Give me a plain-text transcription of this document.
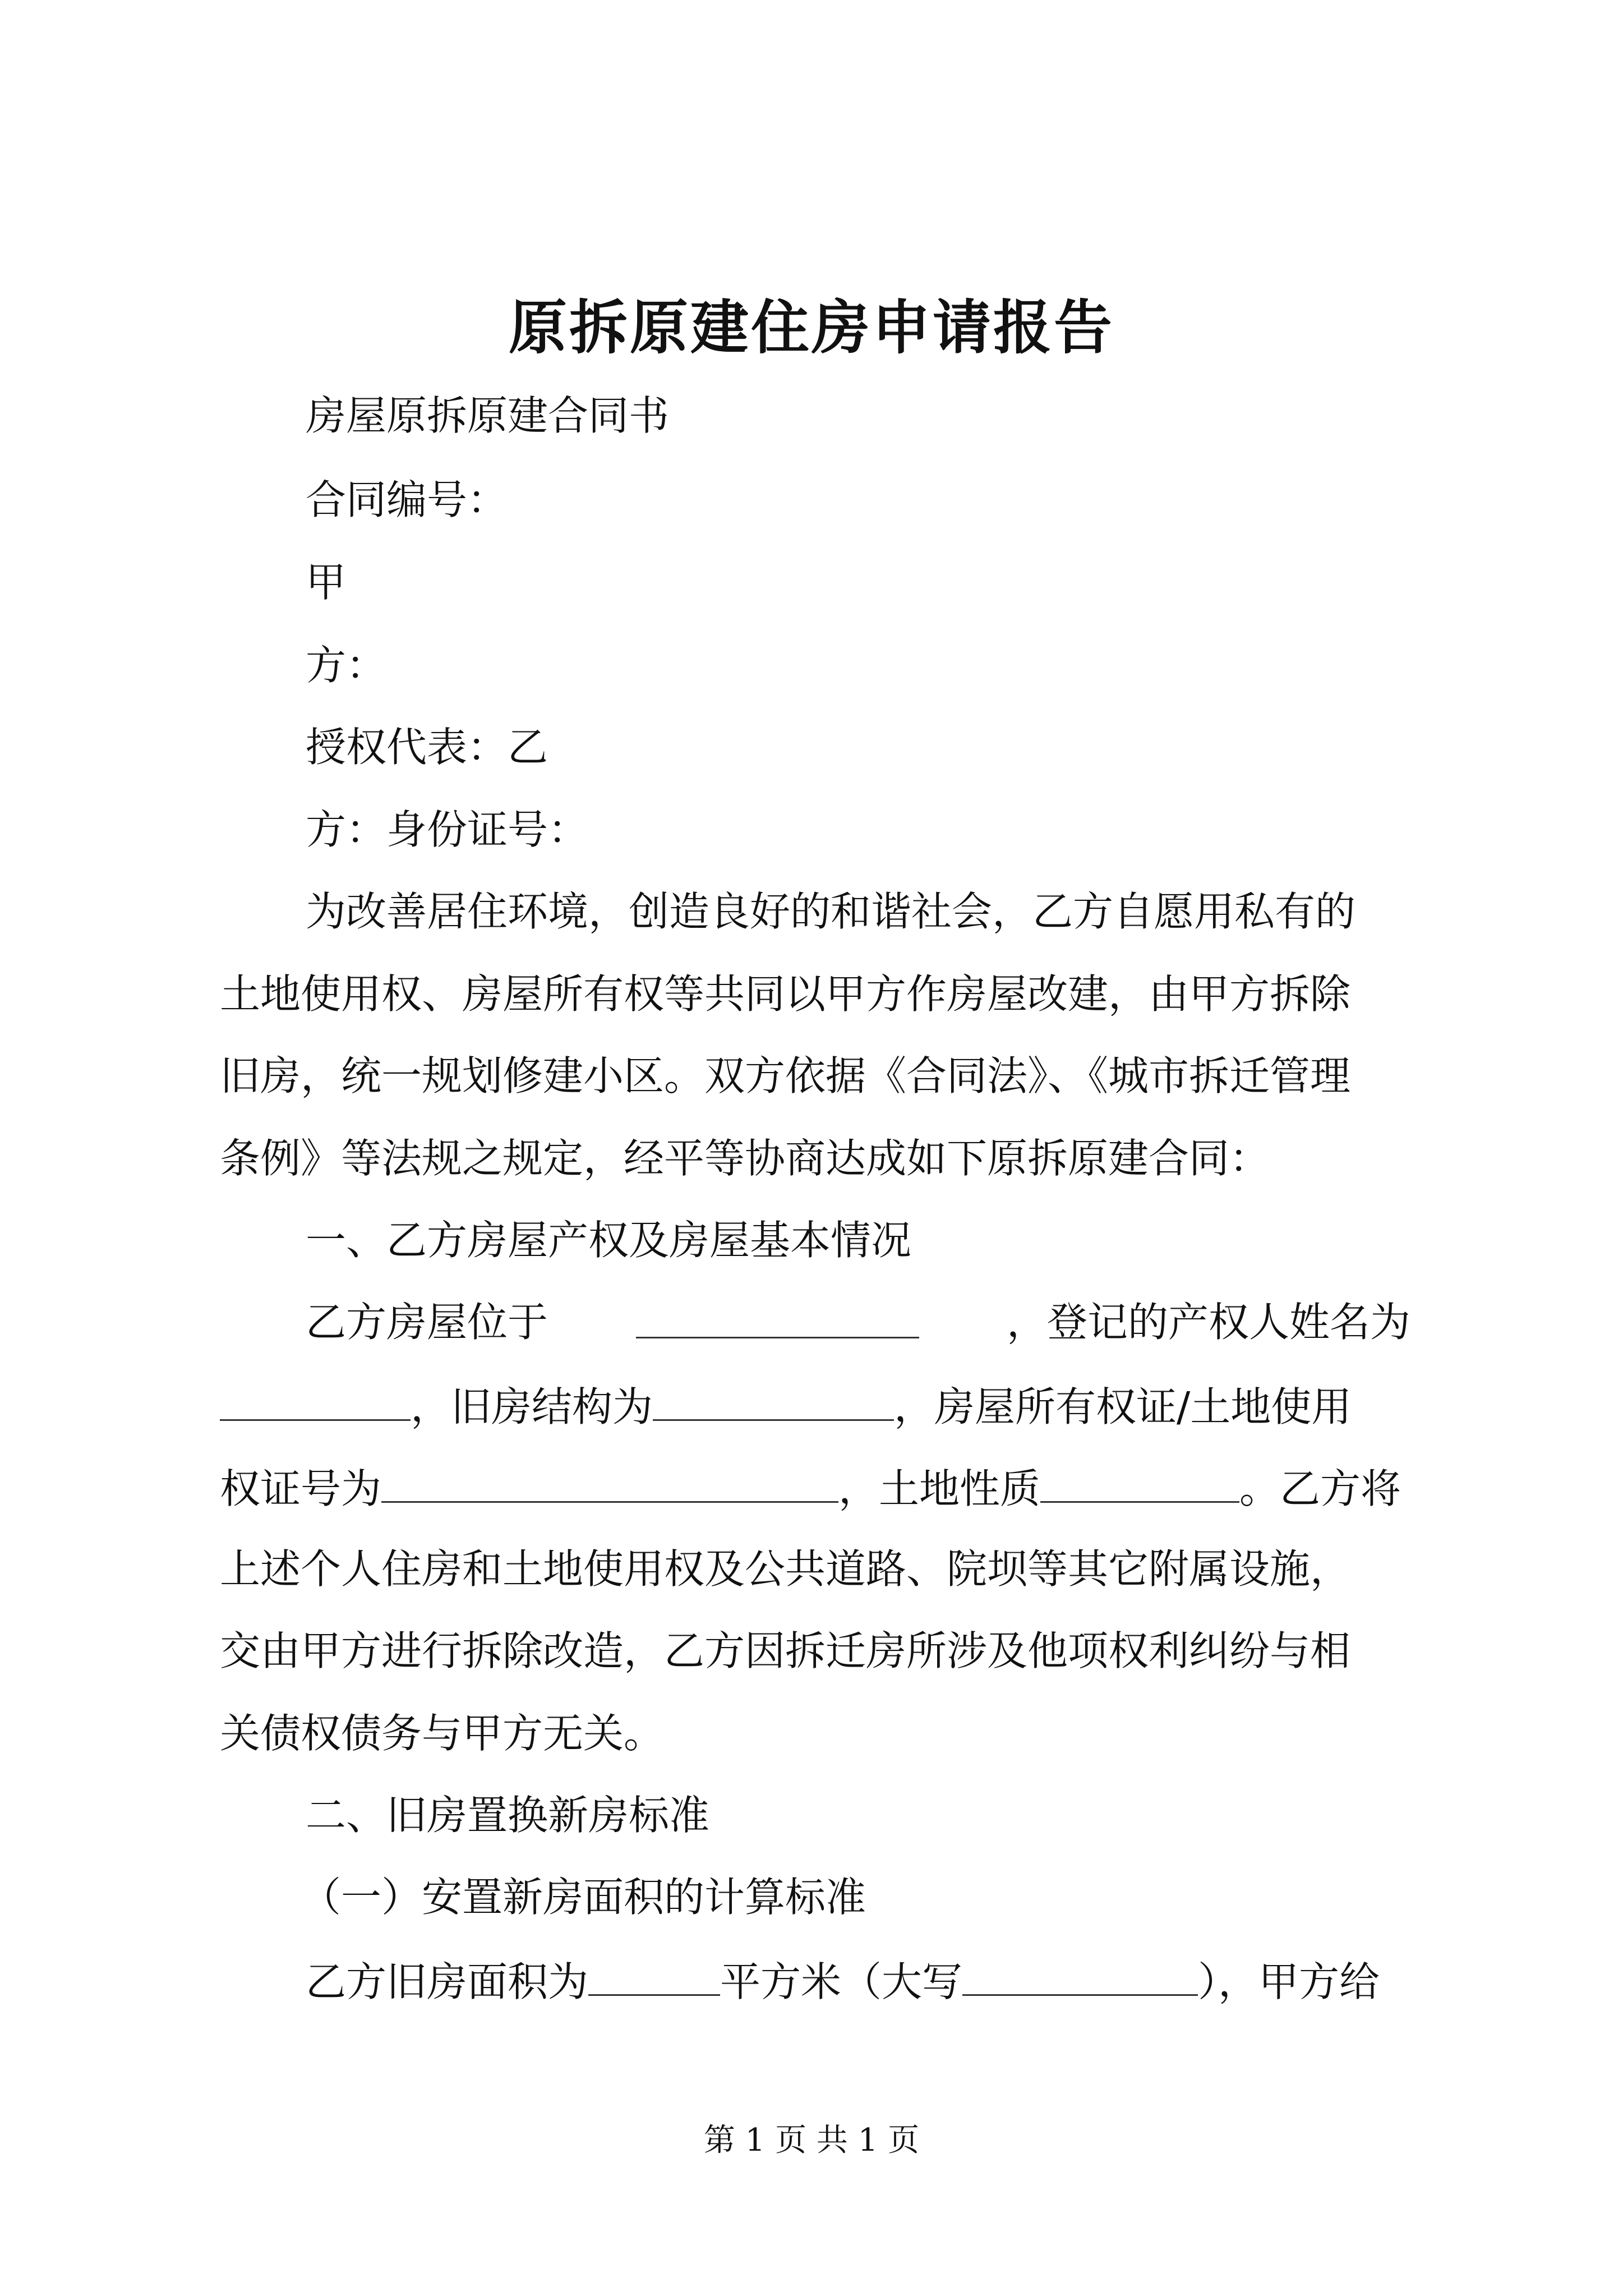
原拆原建住房申请报告
房屋原拆原建合同书
合同编号：
甲
方：
授权代表：乙
方：身份证号：
为改善居住环境，创造良好的和谐社会，乙方自愿用私有的
土地使用权、房屋所有权等共同以甲方作房屋改建，由甲方拆除
旧房，统一规划修建小区。双方依据《合同法》、《城市拆迁管理
条例》等法规之规定，经平等协商达成如下原拆原建合同：
一、乙方房屋产权及房屋基本情况
乙方房屋位于	，登记的产权人姓名为
，旧房结构为	，房屋所有权证/土地使用
权证号为	，土地性质	。乙方将
上述个人住房和土地使用权及公共道路、院坝等其它附属设施，
交由甲方进行拆除改造，乙方因拆迁房所涉及他项权利纠纷与相
关债权债务与甲方无关。
二、旧房置换新房标准
（一）安置新房面积的计算标准
乙方旧房面积为	平方米（大写	），甲方给
第 1 页 共 1 页
